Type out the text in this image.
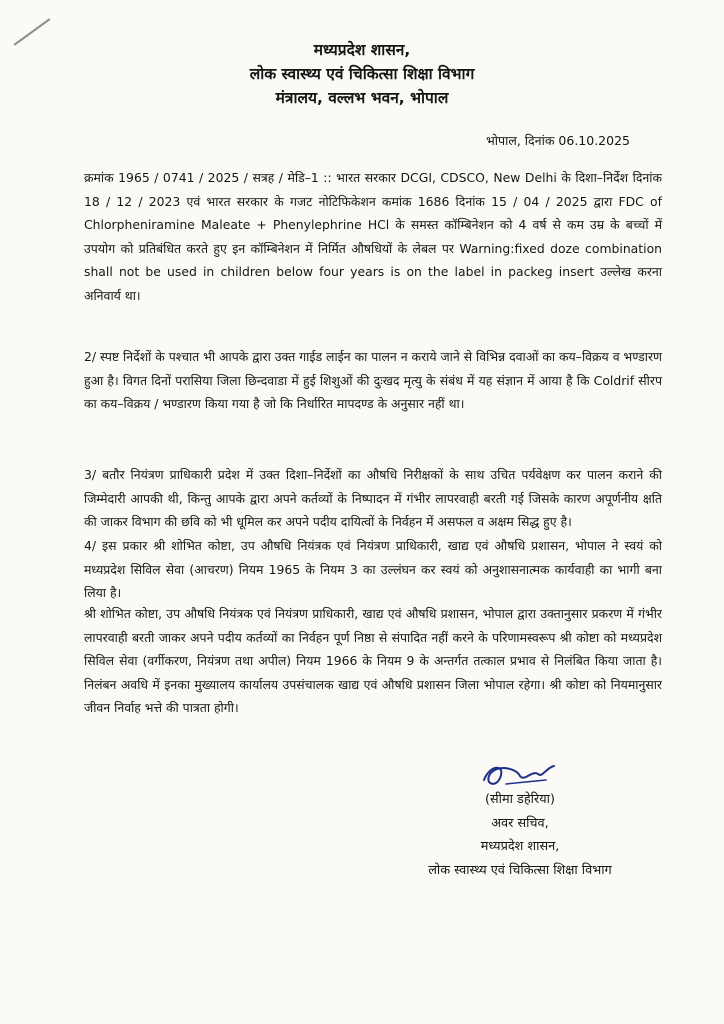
मध्यप्रदेश शासन,
लोक स्वास्थ्य एवं चिकित्सा शिक्षा विभाग
मंत्रालय, वल्लभ भवन, भोपाल
भोपाल, दिनांक 06.10.2025
क्रमांक 1965 / 0741 / 2025 / सत्रह / मेडि–1 :: भारत सरकार DCGI, CDSCO, New Delhi के दिशा–निर्देश दिनांक 18 / 12 / 2023 एवं भारत सरकार के गजट नोटिफिकेशन कमांक 1686 दिनांक 15 / 04 / 2025 द्वारा FDC of Chlorpheniramine Maleate + Phenylephrine HCl के समस्त कॉम्बिनेशन को 4 वर्ष से कम उम्र के बच्चों में उपयोग को प्रतिबंधित करते हुए इन कॉम्बिनेशन में निर्मित औषधियों के लेबल पर Warning:fixed doze combination shall not be used in children below four years is on the label in packeg insert उल्लेख करना अनिवार्य था।
2/ स्पष्ट निर्देशों के पश्चात भी आपके द्वारा उक्त गाईड लाईन का पालन न कराये जाने से विभिन्न दवाओं का कय–विक्रय व भण्डारण हुआ है। विगत दिनों परासिया जिला छिन्दवाडा में हुई शिशुओं की दुःखद मृत्यु के संबंध में यह संज्ञान में आया है कि Coldrif सीरप का कय–विक्रय / भण्डारण किया गया है जो कि निर्धारित मापदण्ड के अनुसार नहीं था।
3/ बतौर नियंत्रण प्राधिकारी प्रदेश में उक्त दिशा–निर्देशों का औषधि निरीक्षकों के साथ उचित पर्यवेक्षण कर पालन कराने की जिम्मेदारी आपकी थी, किन्तु आपके द्वारा अपने कर्तव्यों के निष्पादन में गंभीर लापरवाही बरती गई जिसके कारण अपूर्णनीय क्षति की जाकर विभाग की छवि को भी धूमिल कर अपने पदीय दायित्वों के निर्वहन में असफल व अक्षम सिद्ध हुए है।
4/ इस प्रकार श्री शोभित कोष्टा, उप औषधि नियंत्रक एवं नियंत्रण प्राधिकारी, खाद्य एवं औषधि प्रशासन, भोपाल ने स्वयं को मध्यप्रदेश सिविल सेवा (आचरण) नियम 1965 के नियम 3 का उल्लंघन कर स्वयं को अनुशासनात्मक कार्यवाही का भागी बना लिया है।
श्री शोभित कोष्टा, उप औषधि नियंत्रक एवं नियंत्रण प्राधिकारी, खाद्य एवं औषधि प्रशासन, भोपाल द्वारा उक्तानुसार प्रकरण में गंभीर लापरवाही बरती जाकर अपने पदीय कर्तव्यों का निर्वहन पूर्ण निष्ठा से संपादित नहीं करने के परिणामस्वरूप श्री कोष्टा को मध्यप्रदेश सिविल सेवा (वर्गीकरण, नियंत्रण तथा अपील) नियम 1966 के नियम 9 के अन्तर्गत तत्काल प्रभाव से निलंबित किया जाता है। निलंबन अवधि में इनका मुख्यालय कार्यालय उपसंचालक खाद्य एवं औषधि प्रशासन जिला भोपाल रहेगा। श्री कोष्टा को नियमानुसार जीवन निर्वाह भत्ते की पात्रता होगी।
(सीमा डहेरिया)
अवर सचिव,
मध्यप्रदेश शासन,
लोक स्वास्थ्य एवं चिकित्सा शिक्षा विभाग
